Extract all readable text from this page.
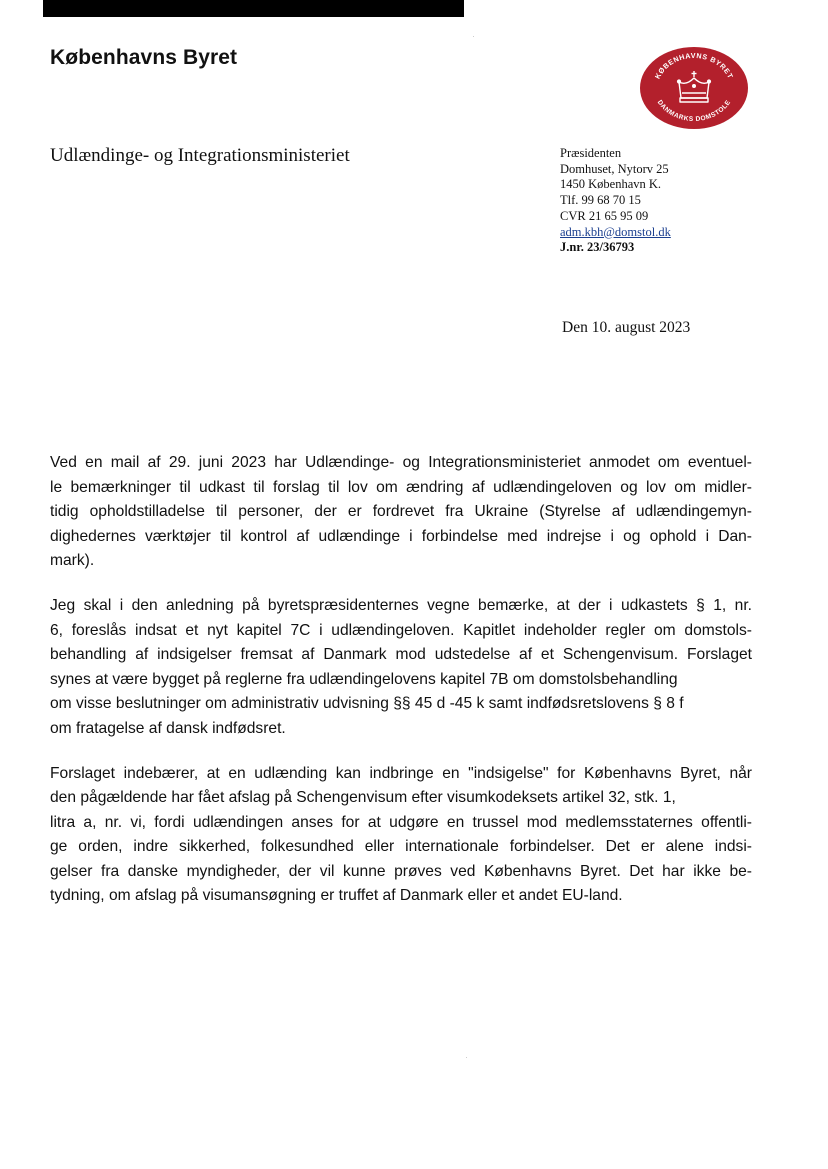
Københavns Byret
KØBENHAVNS BYRET
DANMARKS DOMSTOLE
Udlændinge- og Integrationsministeriet	Præsidenten
Domhuset, Nytorv 25
1450 København K.
Tlf. 99 68 70 15
CVR 21 65 95 09
adm.kbh@domstol.dk
J.nr. 23/36793
Den 10. august 2023

Ved en mail af 29. juni 2023 har Udlændinge- og Integrationsministeriet anmodet om eventuel-
le bemærkninger til udkast til forslag til lov om ændring af udlændingeloven og lov om midler-
tidig opholdstilladelse til personer, der er fordrevet fra Ukraine (Styrelse af udlændingemyn-
dighedernes værktøjer til kontrol af udlændinge i forbindelse med indrejse i og ophold i Dan-
mark).

Jeg skal i den anledning på byretspræsidenternes vegne bemærke, at der i udkastets § 1, nr.
6, foreslås indsat et nyt kapitel 7C i udlændingeloven. Kapitlet indeholder regler om domstols-
behandling af indsigelser fremsat af Danmark mod udstedelse af et Schengenvisum. Forslaget
synes at være bygget på reglerne fra udlændingelovens kapitel 7B om domstolsbehandling
om visse beslutninger om administrativ udvisning §§ 45 d -45 k samt indfødsretslovens § 8 f
om fratagelse af dansk indfødsret.

Forslaget indebærer, at en udlænding kan indbringe en "indsigelse" for Københavns Byret, når
den pågældende har fået afslag på Schengenvisum efter visumkodeksets artikel 32, stk. 1,
litra a, nr. vi, fordi udlændingen anses for at udgøre en trussel mod medlemsstaternes offentli-
ge orden, indre sikkerhed, folkesundhed eller internationale forbindelser. Det er alene indsi-
gelser fra danske myndigheder, der vil kunne prøves ved Københavns Byret. Det har ikke be-
tydning, om afslag på visumansøgning er truffet af Danmark eller et andet EU-land.
